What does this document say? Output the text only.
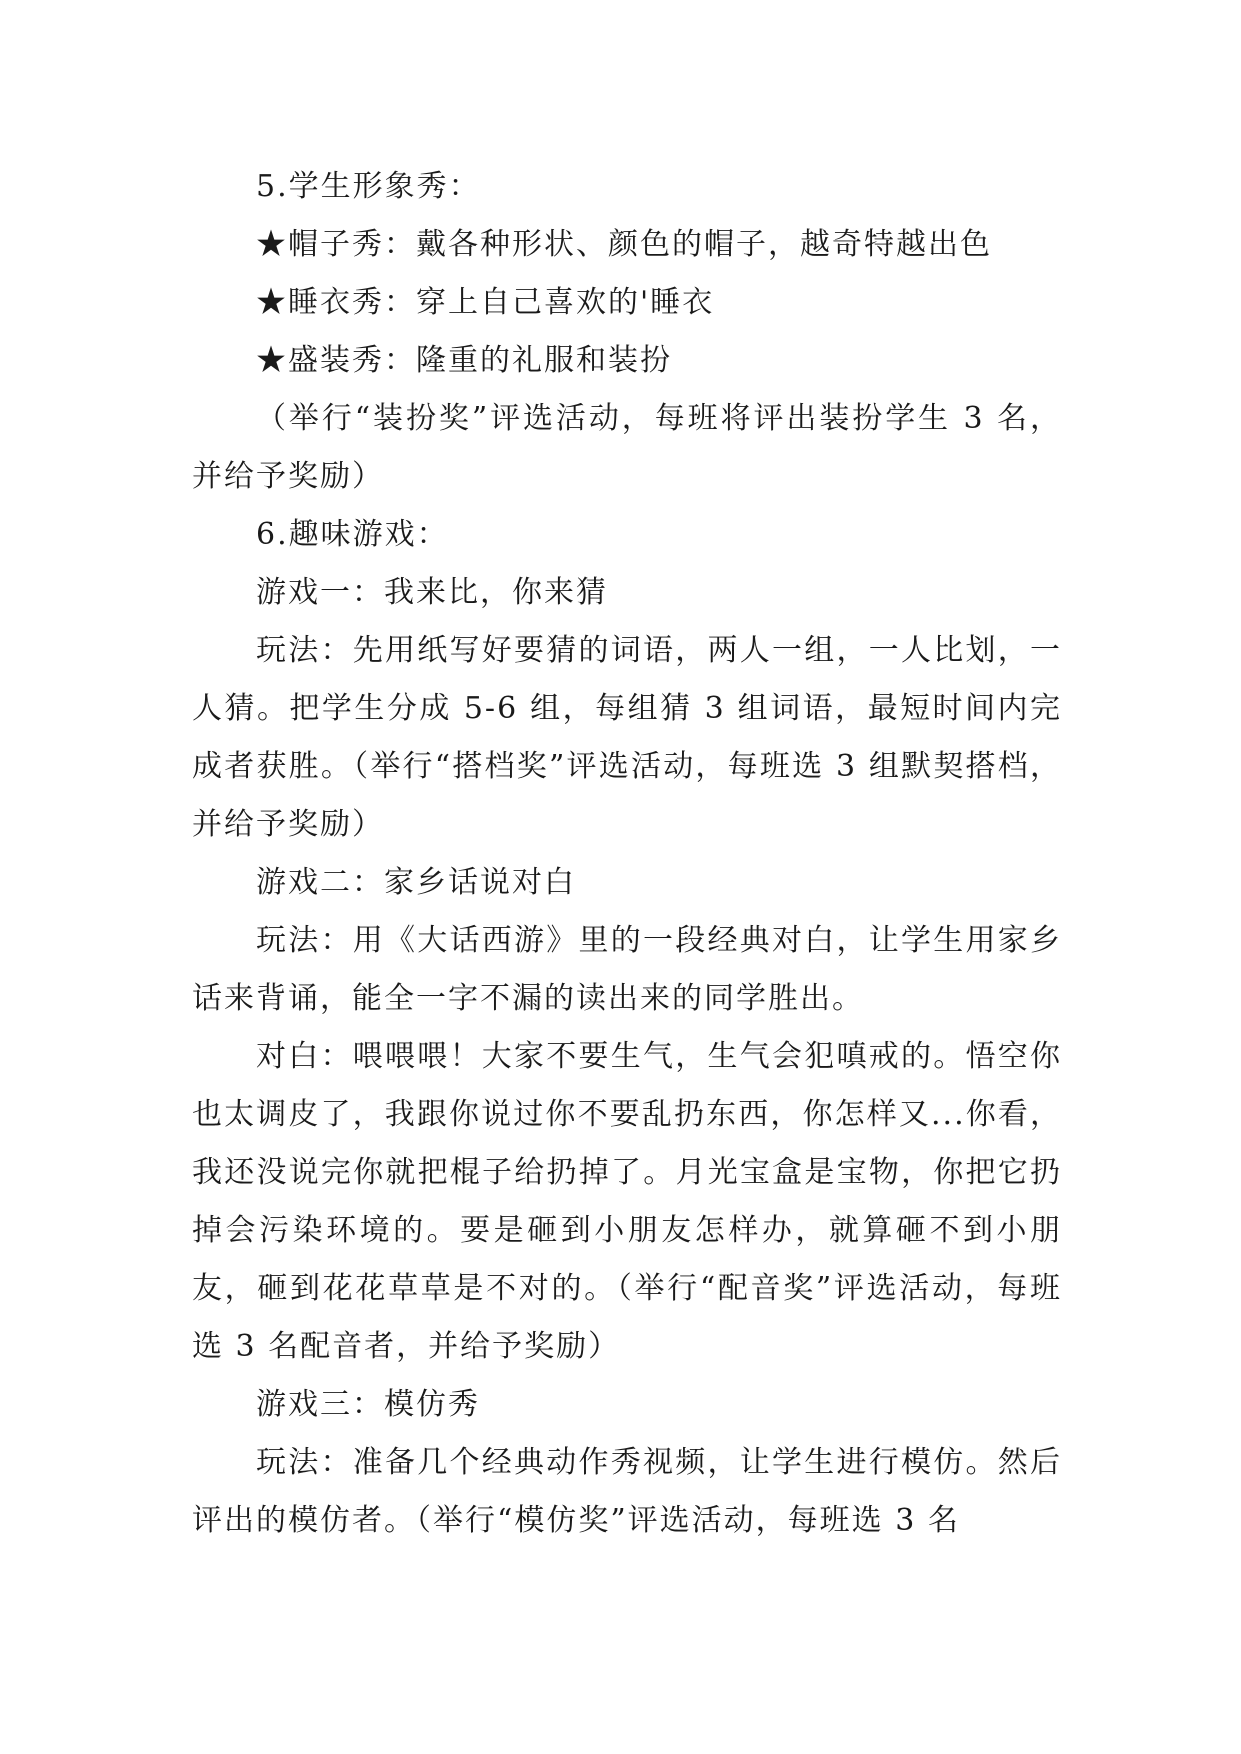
5.学生形象秀：

★帽子秀：戴各种形状、颜色的帽子，越奇特越出色

★睡衣秀：穿上自己喜欢的'睡衣

★盛装秀：隆重的礼服和装扮

（举行“装扮奖”评选活动，每班将评出装扮学生 3 名，并给予奖励）

6.趣味游戏：

游戏一：我来比，你来猜

玩法：先用纸写好要猜的词语，两人一组，一人比划，一人猜。把学生分成 5-6 组，每组猜 3 组词语，最短时间内完成者获胜。（举行“搭档奖”评选活动，每班选 3 组默契搭档，并给予奖励）

游戏二：家乡话说对白

玩法：用《大话西游》里的一段经典对白，让学生用家乡话来背诵，能全一字不漏的读出来的同学胜出。

对白：喂喂喂！大家不要生气，生气会犯嗔戒的。悟空你也太调皮了，我跟你说过你不要乱扔东西，你怎样又...你看，我还没说完你就把棍子给扔掉了。月光宝盒是宝物，你把它扔掉会污染环境的。要是砸到小朋友怎样办，就算砸不到小朋友，砸到花花草草是不对的。（举行“配音奖”评选活动，每班选 3 名配音者，并给予奖励）

游戏三：模仿秀

玩法：准备几个经典动作秀视频，让学生进行模仿。然后评出的模仿者。（举行“模仿奖”评选活动，每班选 3 名
